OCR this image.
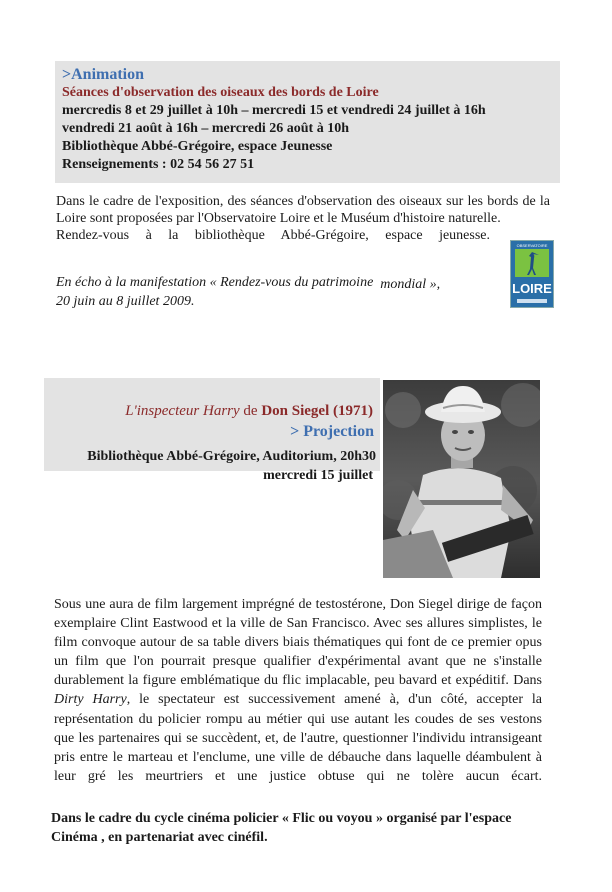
>Animation
Séances d'observation des oiseaux des bords de Loire
mercredis 8 et 29 juillet à 10h – mercredi 15 et vendredi 24 juillet à 16h
vendredi 21 août à 16h – mercredi 26 août à 10h
Bibliothèque Abbé-Grégoire, espace Jeunesse
Renseignements : 02 54 56 27 51

Dans le cadre de l'exposition, des séances d'observation des oiseaux sur les bords de la Loire sont proposées par l'Observatoire Loire et le Muséum d'histoire naturelle.

Rendez-vous à la bibliothèque Abbé-Grégoire, espace jeunesse.

En écho à la manifestation « Rendez-vous du patrimoine mondial »,
20 juin au 8 juillet 2009.
OBSERVATOIRE
LOIRE
L'inspecteur Harry de Don Siegel (1971)
> Projection
Bibliothèque Abbé-Grégoire, Auditorium, 20h30
mercredi 15 juillet
Sous une aura de film largement imprégné de testostérone, Don Siegel dirige de façon exemplaire Clint Eastwood et la ville de San Francisco. Avec ses allures simplistes, le film convoque autour de sa table divers biais thématiques qui font de ce premier opus un film que l'on pourrait presque qualifier d'expérimental avant que ne s'installe durablement la figure emblématique du flic implacable, peu bavard et expéditif. Dans Dirty Harry, le spectateur est successivement amené à, d'un côté, accepter la représentation du policier rompu au métier qui use autant les coudes de ses vestons que les partenaires qui se succèdent, et, de l'autre, questionner l'individu intransigeant pris entre le marteau et l'enclume, une ville de débauche dans laquelle déambulent à leur gré les meurtriers et une justice obtuse qui ne tolère aucun écart.
Dans le cadre du cycle cinéma policier « Flic ou voyou » organisé par l'espace Cinéma , en partenariat avec cinéfil.
